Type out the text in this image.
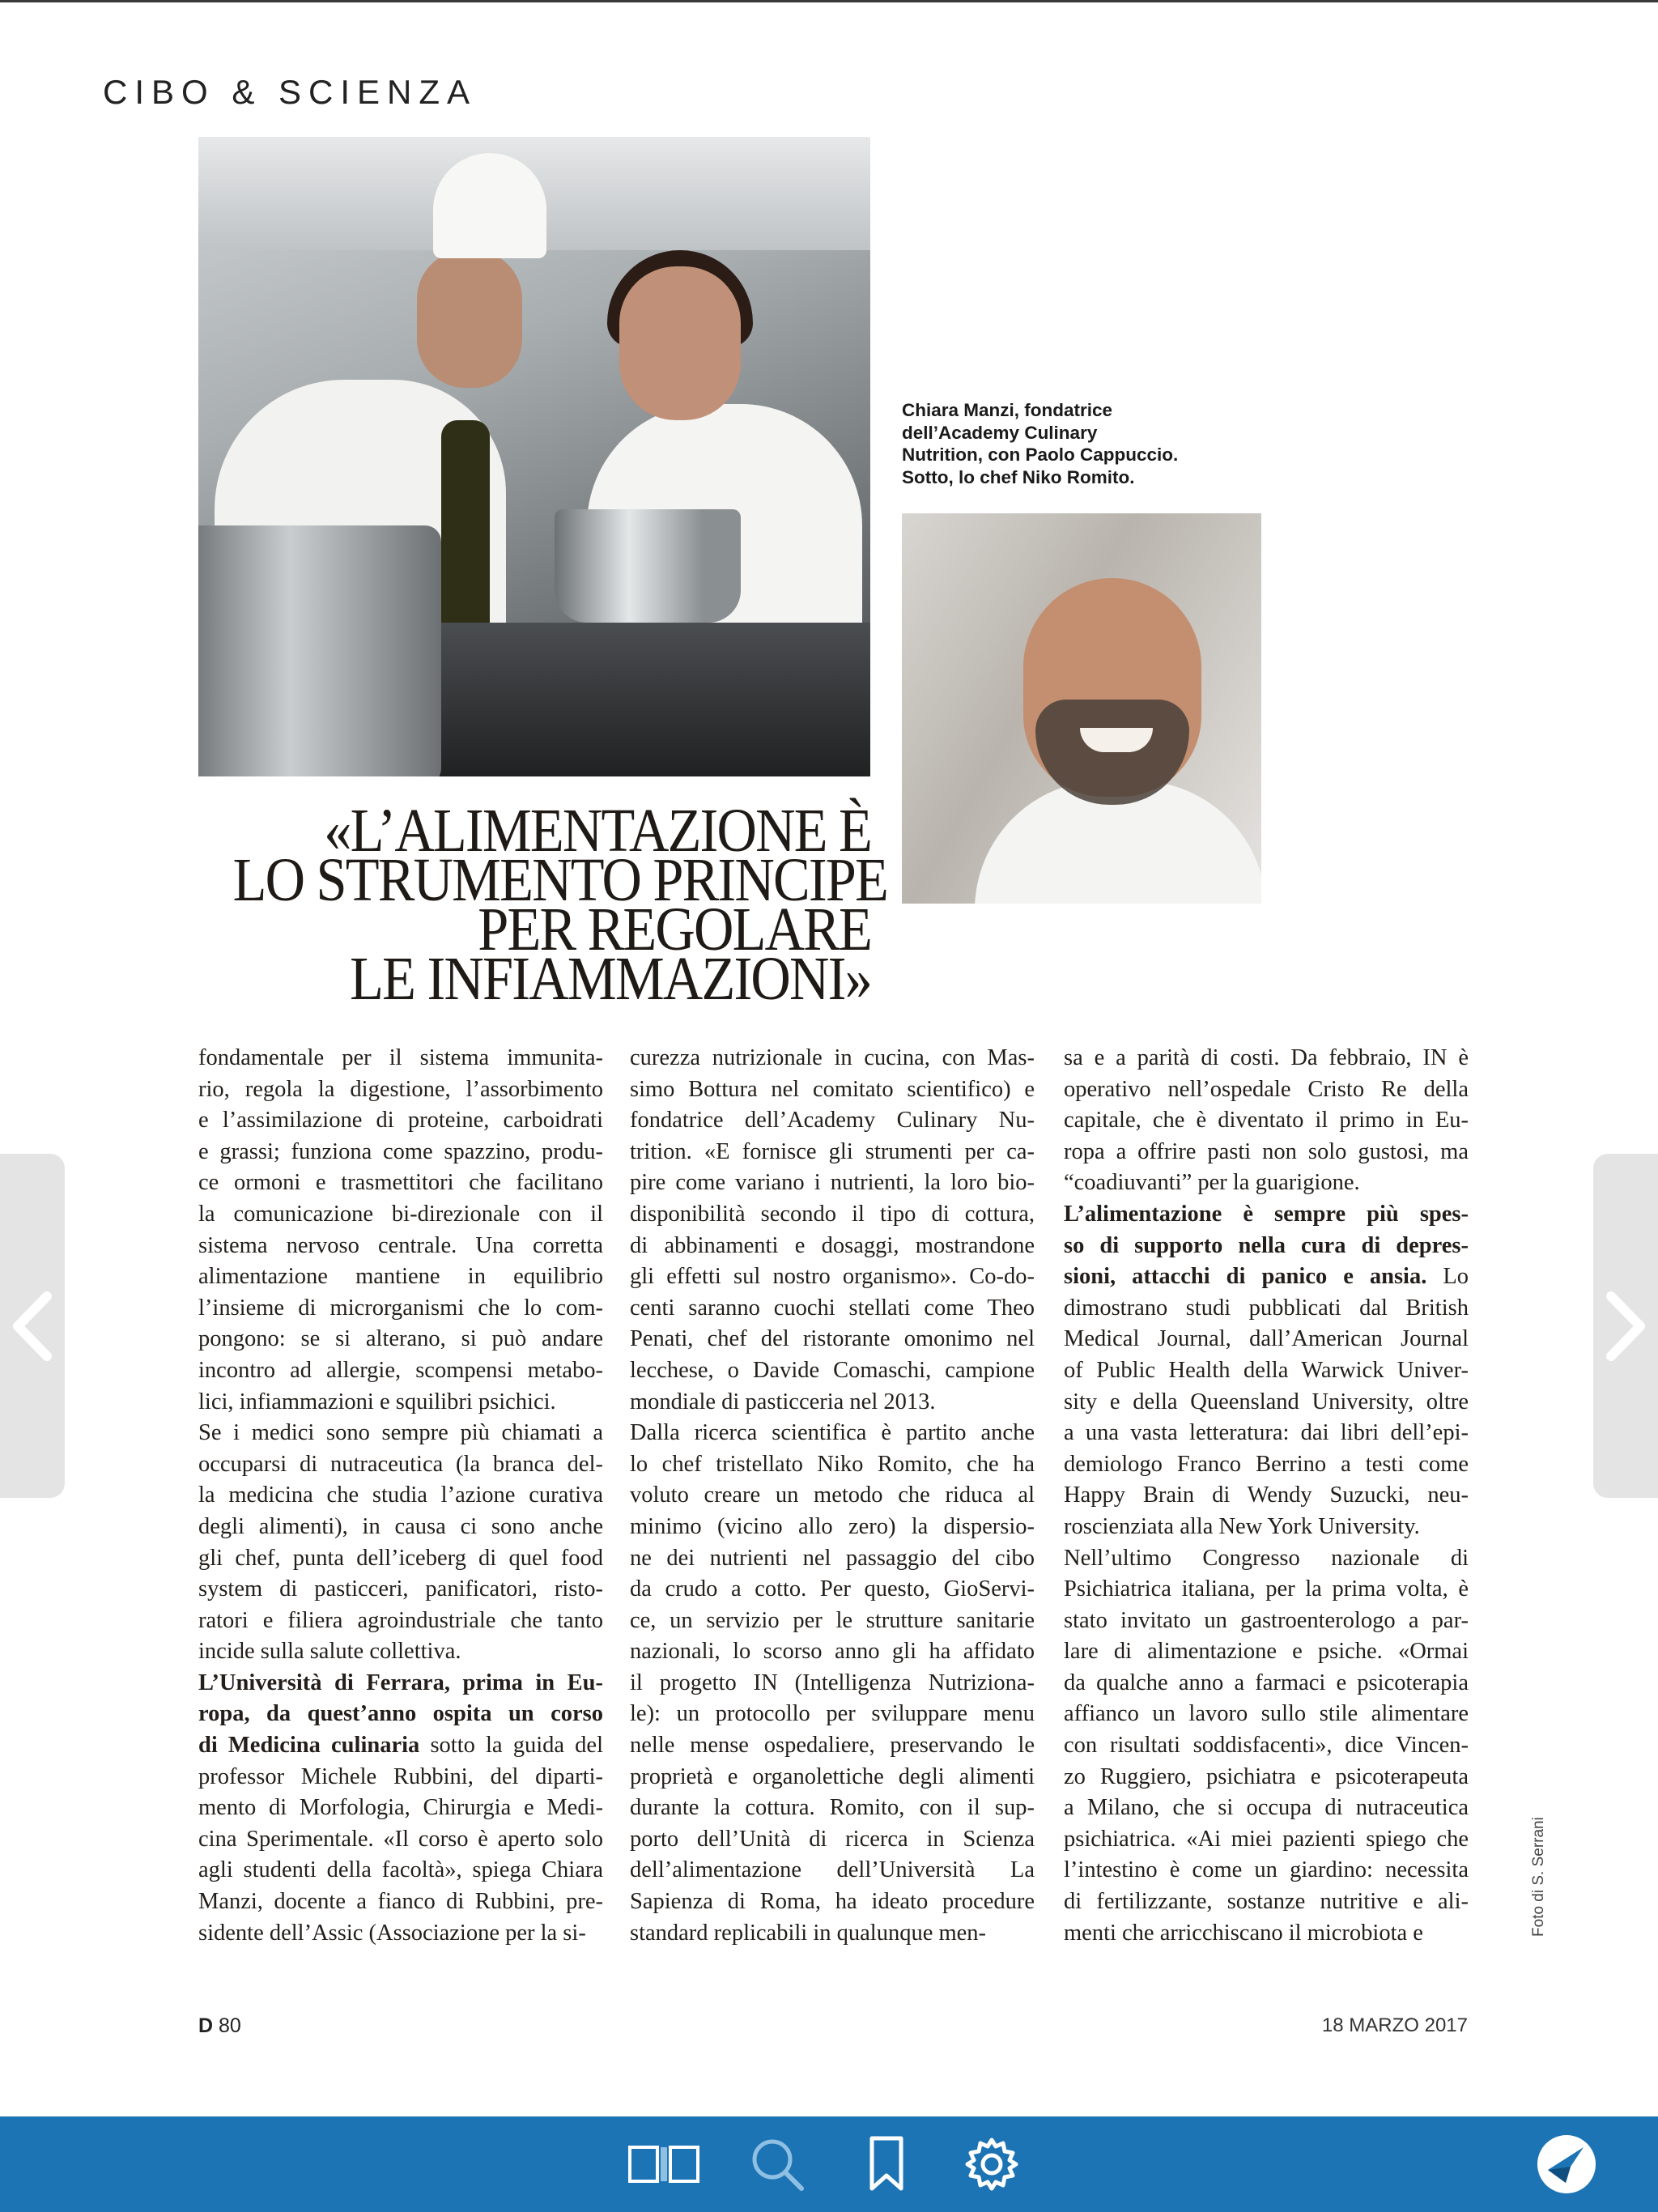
CIBO & SCIENZA
Chiara Manzi, fondatrice
dell’Academy Culinary
Nutrition, con Paolo Cappuccio.
Sotto, lo chef Niko Romito.
«L’ALIMENTAZIONE È
LO STRUMENTO PRINCIPE
PER REGOLARE
LE INFIAMMAZIONI»
fondamentale per il sistema immunita-
rio, regola la digestione, l’assorbimento
e l’assimilazione di proteine, carboidrati
e grassi; funziona come spazzino, produ-
ce ormoni e trasmettitori che facilitano
la comunicazione bi-direzionale con il
sistema nervoso centrale. Una corretta
alimentazione mantiene in equilibrio
l’insieme di microrganismi che lo com-
pongono: se si alterano, si può andare
incontro ad allergie, scompensi metabo-
lici, infiammazioni e squilibri psichici.
Se i medici sono sempre più chiamati a
occuparsi di nutraceutica (la branca del-
la medicina che studia l’azione curativa
degli alimenti), in causa ci sono anche
gli chef, punta dell’iceberg di quel food
system di pasticceri, panificatori, risto-
ratori e filiera agroindustriale che tanto
incide sulla salute collettiva.
L’Università di Ferrara, prima in Eu-
ropa, da quest’anno ospita un corso
di Medicina culinaria sotto la guida del
professor Michele Rubbini, del diparti-
mento di Morfologia, Chirurgia e Medi-
cina Sperimentale. «Il corso è aperto solo
agli studenti della facoltà», spiega Chiara
Manzi, docente a fianco di Rubbini, pre-
sidente dell’Assic (Associazione per la si-
curezza nutrizionale in cucina, con Mas-
simo Bottura nel comitato scientifico) e
fondatrice dell’Academy Culinary Nu-
trition. «E fornisce gli strumenti per ca-
pire come variano i nutrienti, la loro bio-
disponibilità secondo il tipo di cottura,
di abbinamenti e dosaggi, mostrandone
gli effetti sul nostro organismo». Co-do-
centi saranno cuochi stellati come Theo
Penati, chef del ristorante omonimo nel
lecchese, o Davide Comaschi, campione
mondiale di pasticceria nel 2013.
Dalla ricerca scientifica è partito anche
lo chef tristellato Niko Romito, che ha
voluto creare un metodo che riduca al
minimo (vicino allo zero) la dispersio-
ne dei nutrienti nel passaggio del cibo
da crudo a cotto. Per questo, GioServi-
ce, un servizio per le strutture sanitarie
nazionali, lo scorso anno gli ha affidato
il progetto IN (Intelligenza Nutriziona-
le): un protocollo per sviluppare menu
nelle mense ospedaliere, preservando le
proprietà e organolettiche degli alimenti
durante la cottura. Romito, con il sup-
porto dell’Unità di ricerca in Scienza
dell’alimentazione dell’Università La
Sapienza di Roma, ha ideato procedure
standard replicabili in qualunque men-
sa e a parità di costi. Da febbraio, IN è
operativo nell’ospedale Cristo Re della
capitale, che è diventato il primo in Eu-
ropa a offrire pasti non solo gustosi, ma
“coadiuvanti” per la guarigione.
L’alimentazione è sempre più spes-
so di supporto nella cura di depres-
sioni, attacchi di panico e ansia. Lo
dimostrano studi pubblicati dal British
Medical Journal, dall’American Journal
of Public Health della Warwick Univer-
sity e della Queensland University, oltre
a una vasta letteratura: dai libri dell’epi-
demiologo Franco Berrino a testi come
Happy Brain di Wendy Suzucki, neu-
roscienziata alla New York University.
Nell’ultimo Congresso nazionale di
Psichiatrica italiana, per la prima volta, è
stato invitato un gastroenterologo a par-
lare di alimentazione e psiche. «Ormai
da qualche anno a farmaci e psicoterapia
affianco un lavoro sullo stile alimentare
con risultati soddisfacenti», dice Vincen-
zo Ruggiero, psichiatra e psicoterapeuta
a Milano, che si occupa di nutraceutica
psichiatrica. «Ai miei pazienti spiego che
l’intestino è come un giardino: necessita
di fertilizzante, sostanze nutritive e ali-
menti che arricchiscano il microbiota e	Foto di S. Serrani
D 80	18 MARZO 2017
